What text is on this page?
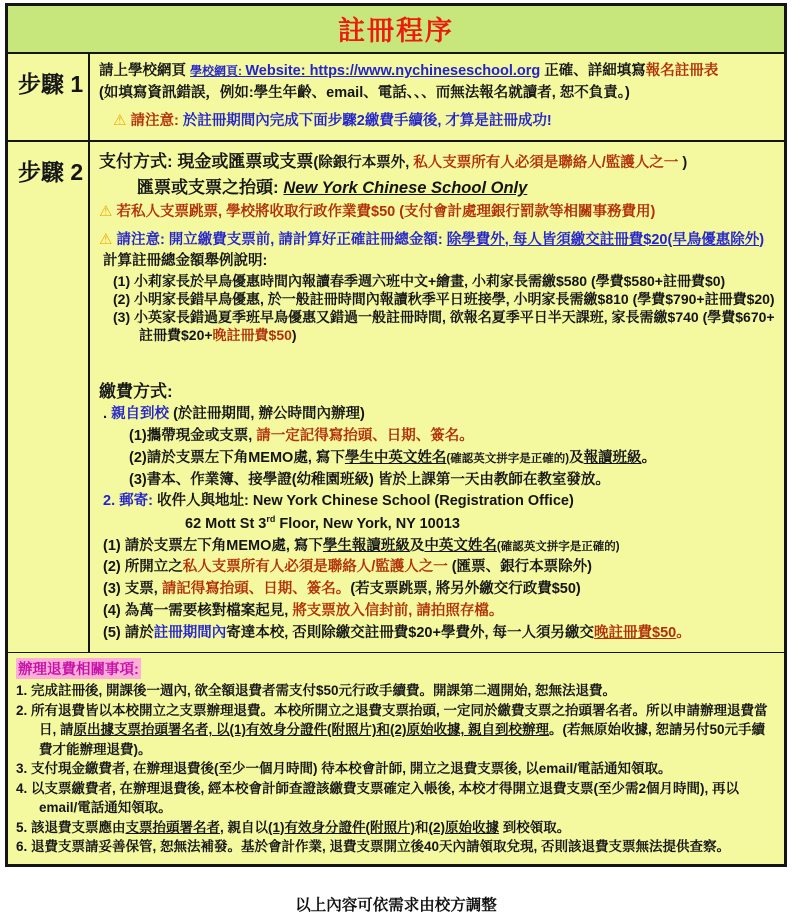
註冊程序
步驟 1	請上學校網頁 學校網頁: Website: https://www.nychineseschool.org 正確、詳細填寫報名註冊表
(如填寫資訊錯誤，例如:學生年齡、email、電話、、、而無法報名就讀者, 恕不負責。)
⚠ 請注意: 於註冊期間內完成下面步驟2繳費手續後, 才算是註冊成功!
步驟 2 支付方式: 現金或匯票或支票(除銀行本票外, 私人支票所有人必須是聯絡人/監護人之一 )
匯票或支票之抬頭: New York Chinese School Only
⚠ 若私人支票跳票, 學校將收取行政作業費$50 (支付會計處理銀行罰款等相關事務費用)
⚠ 請注意: 開立繳費支票前, 請計算好正確註冊總金額: 除學費外, 每人皆須繳交註冊費$20(早鳥優惠除外)
計算註冊總金額舉例說明:
(1) 小莉家長於早鳥優惠時間內報讀春季週六班中文+繪畫, 小莉家長需繳$580 (學費$580+註冊費$0)
(2) 小明家長錯早鳥優惠, 於一般註冊時間內報讀秋季平日班接學, 小明家長需繳$810 (學費$790+註冊費$20)
(3) 小英家長錯過夏季班早鳥優惠又錯過一般註冊時間, 欲報名夏季平日半天課班, 家長需繳$740 (學費$670+ 註冊費$20+晚註冊費$50)
繳費方式:
. 親自到校 (於註冊期間, 辦公時間內辦理)
(1)攜帶現金或支票, 請一定記得寫抬頭、日期、簽名。
(2)請於支票左下角MEMO處, 寫下學生中英文姓名(確認英文拼字是正確的)及報讀班級。
(3)書本、作業簿、接學證(幼稚園班級) 皆於上課第一天由教師在教室發放。
2. 郵寄: 收件人與地址: New York Chinese School (Registration Office)
62 Mott St 3rd Floor, New York, NY 10013
(1) 請於支票左下角MEMO處, 寫下學生報讀班級及中英文姓名(確認英文拼字是正確的)
(2) 所開立之私人支票所有人必須是聯絡人/監護人之一 (匯票、銀行本票除外)
(3) 支票, 請記得寫抬頭、日期、簽名。(若支票跳票, 將另外繳交行政費$50)
(4) 為萬一需要核對檔案起見, 將支票放入信封前, 請拍照存檔。
(5) 請於註冊期間內寄達本校, 否則除繳交註冊費$20+學費外, 每一人須另繳交晚註冊費$50。
辦理退費相關事項:
1. 完成註冊後, 開課後一週內, 欲全額退費者需支付$50元行政手續費。開課第二週開始, 恕無法退費。
2. 所有退費皆以本校開立之支票辦理退費。本校所開立之退費支票抬頭, 一定同於繳費支票之抬頭署名者。所以申請辦理退費當日, 請原出據支票抬頭署名者, 以(1)有效身分證件(附照片)和(2)原始收據, 親自到校辦理。(若無原始收據, 恕請另付50元手續費才能辦理退費)。
3. 支付現金繳費者, 在辦理退費後(至少一個月時間) 待本校會計師, 開立之退費支票後, 以email/電話通知領取。
4. 以支票繳費者, 在辦理退費後, 經本校會計師查證該繳費支票確定入帳後, 本校才得開立退費支票(至少需2個月時間), 再以email/電話通知領取。
5. 該退費支票應由支票抬頭署名者, 親自以(1)有效身分證件(附照片)和(2)原始收據 到校領取。
6. 退費支票請妥善保管, 恕無法補發。基於會計作業, 退費支票開立後40天內請領取兌現, 否則該退費支票無法提供查察。
以上內容可依需求由校方調整
